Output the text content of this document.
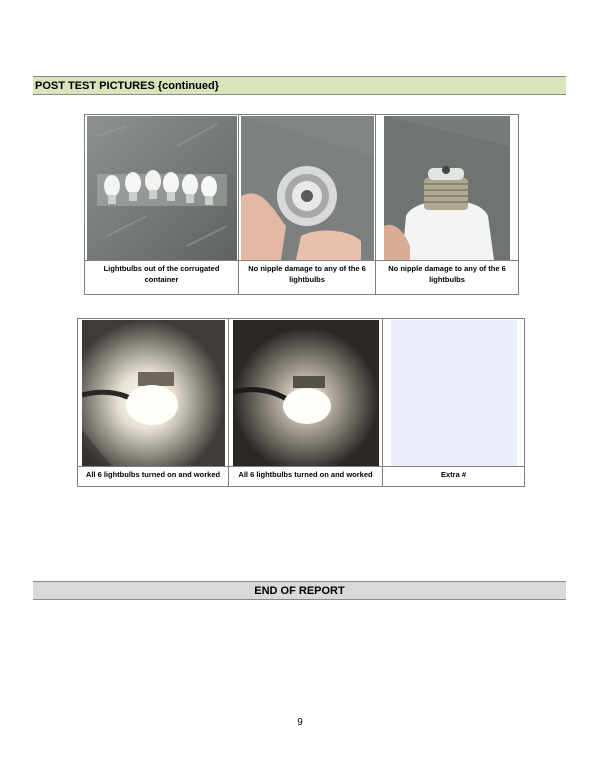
POST TEST PICTURES {continued}

Lightbulbs out of the corrugated container	No nipple damage to any of the 6 lightbulbs	No nipple damage to any of the 6 lightbulbs

All 6 lightbulbs turned on and worked	All 6 lightbulbs turned on and worked	Extra #
END OF REPORT
9
